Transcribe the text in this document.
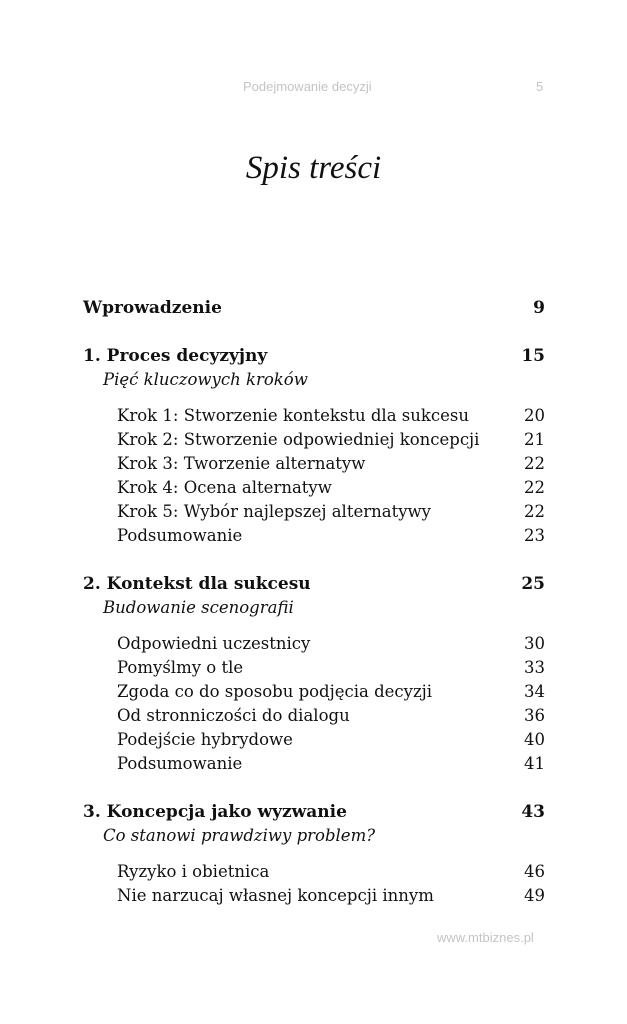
Podejmowanie decyzji	5
Spis treści
Wprowadzenie	9
1. Proces decyzyjny	15
Pięć kluczowych kroków
Krok 1: Stworzenie kontekstu dla sukcesu	20
Krok 2: Stworzenie odpowiedniej koncepcji	21
Krok 3: Tworzenie alternatyw	22
Krok 4: Ocena alternatyw	22
Krok 5: Wybór najlepszej alternatywy	22
Podsumowanie	23
2. Kontekst dla sukcesu	25
Budowanie scenografii
Odpowiedni uczestnicy	30
Pomyślmy o tle	33
Zgoda co do sposobu podjęcia decyzji	34
Od stronniczości do dialogu	36
Podejście hybrydowe	40
Podsumowanie	41
3. Koncepcja jako wyzwanie	43
Co stanowi prawdziwy problem?
Ryzyko i obietnica	46
Nie narzucaj własnej koncepcji innym	49
www.mtbiznes.pl
